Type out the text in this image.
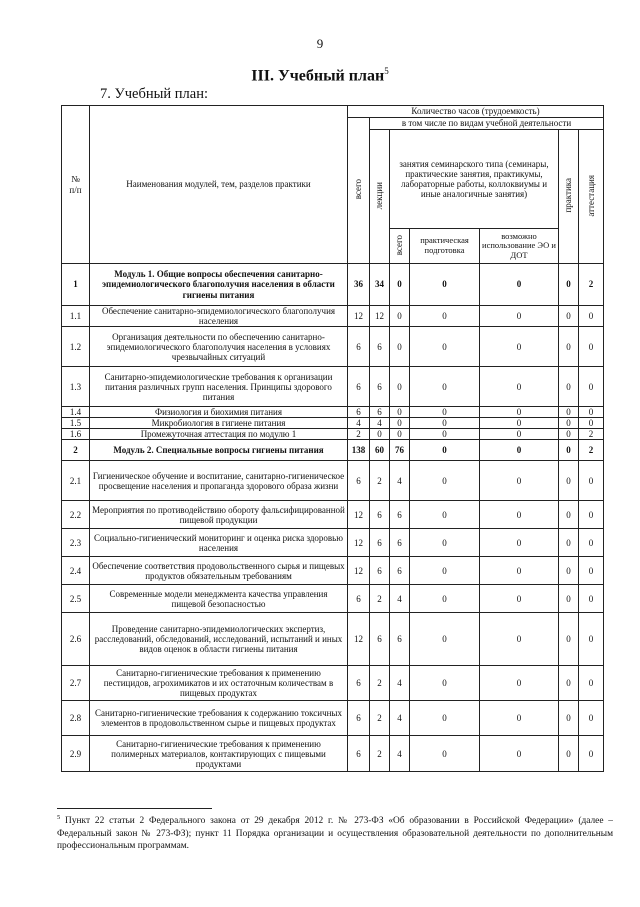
9
III. Учебный план$^5$
7. Учебный план:
№
п/п	Наименования модулей, тем, разделов практики	Количество часов (трудоемкость)						
		всего	в том числе по видам учебной деятельности					
			лекции	занятия семинарского типа (семинары, практические занятия, практикумы, лабораторные работы, коллоквиумы и иные аналогичные занятия)			практика	аттестация
				всего	практическая подготовка	возможно использование ЭО и ДОТ		
1	Модуль 1. Общие вопросы обеспечения санитарно-эпидемиологического благополучия населения в области гигиены питания	36	34	0	0	0	0	2
1.1	Обеспечение санитарно-эпидемиологического благополучия населения	12	12	0	0	0	0	0
1.2	Организация деятельности по обеспечению санитарно-эпидемиологического благополучия населения в условиях чрезвычайных ситуаций	6	6	0	0	0	0	0
1.3	Санитарно-эпидемиологические требования к организации питания различных групп населения. Принципы здорового питания	6	6	0	0	0	0	0
1.4	Физиология и биохимия питания	6	6	0	0	0	0	0
1.5	Микробиология в гигиене питания	4	4	0	0	0	0	0
1.6	Промежуточная аттестация по модулю 1	2	0	0	0	0	0	2
2	Модуль 2. Специальные вопросы гигиены питания	138	60	76	0	0	0	2
2.1	Гигиеническое обучение и воспитание, санитарно-гигиеническое просвещение населения и пропаганда здорового образа жизни	6	2	4	0	0	0	0
2.2	Мероприятия по противодействию обороту фальсифицированной пищевой продукции	12	6	6	0	0	0	0
2.3	Социально-гигиенический мониторинг и оценка риска здоровью населения	12	6	6	0	0	0	0
2.4	Обеспечение соответствия продовольственного сырья и пищевых продуктов обязательным требованиям	12	6	6	0	0	0	0
2.5	Современные модели менеджмента качества управления пищевой безопасностью	6	2	4	0	0	0	0
2.6	Проведение санитарно-эпидемиологических экспертиз, расследований, обследований, исследований, испытаний и иных видов оценок в области гигиены питания	12	6	6	0	0	0	0
2.7	Санитарно-гигиенические требования к применению пестицидов, агрохимикатов и их остаточным количествам в пищевых продуктах	6	2	4	0	0	0	0
2.8	Санитарно-гигиенические требования к содержанию токсичных элементов в продовольственном сырье и пищевых продуктах	6	2	4	0	0	0	0
2.9	Санитарно-гигиенические требования к применению полимерных материалов, контактирующих с пищевыми продуктами	6	2	4	0	0	0	0
$^5$ Пункт 22 статьи 2 Федерального закона от 29 декабря 2012 г. № 273-ФЗ «Об образовании в Российской Федерации» (далее – Федеральный закон № 273-ФЗ); пункт 11 Порядка организации и осуществления образовательной деятельности по дополнительным профессиональным программам.
